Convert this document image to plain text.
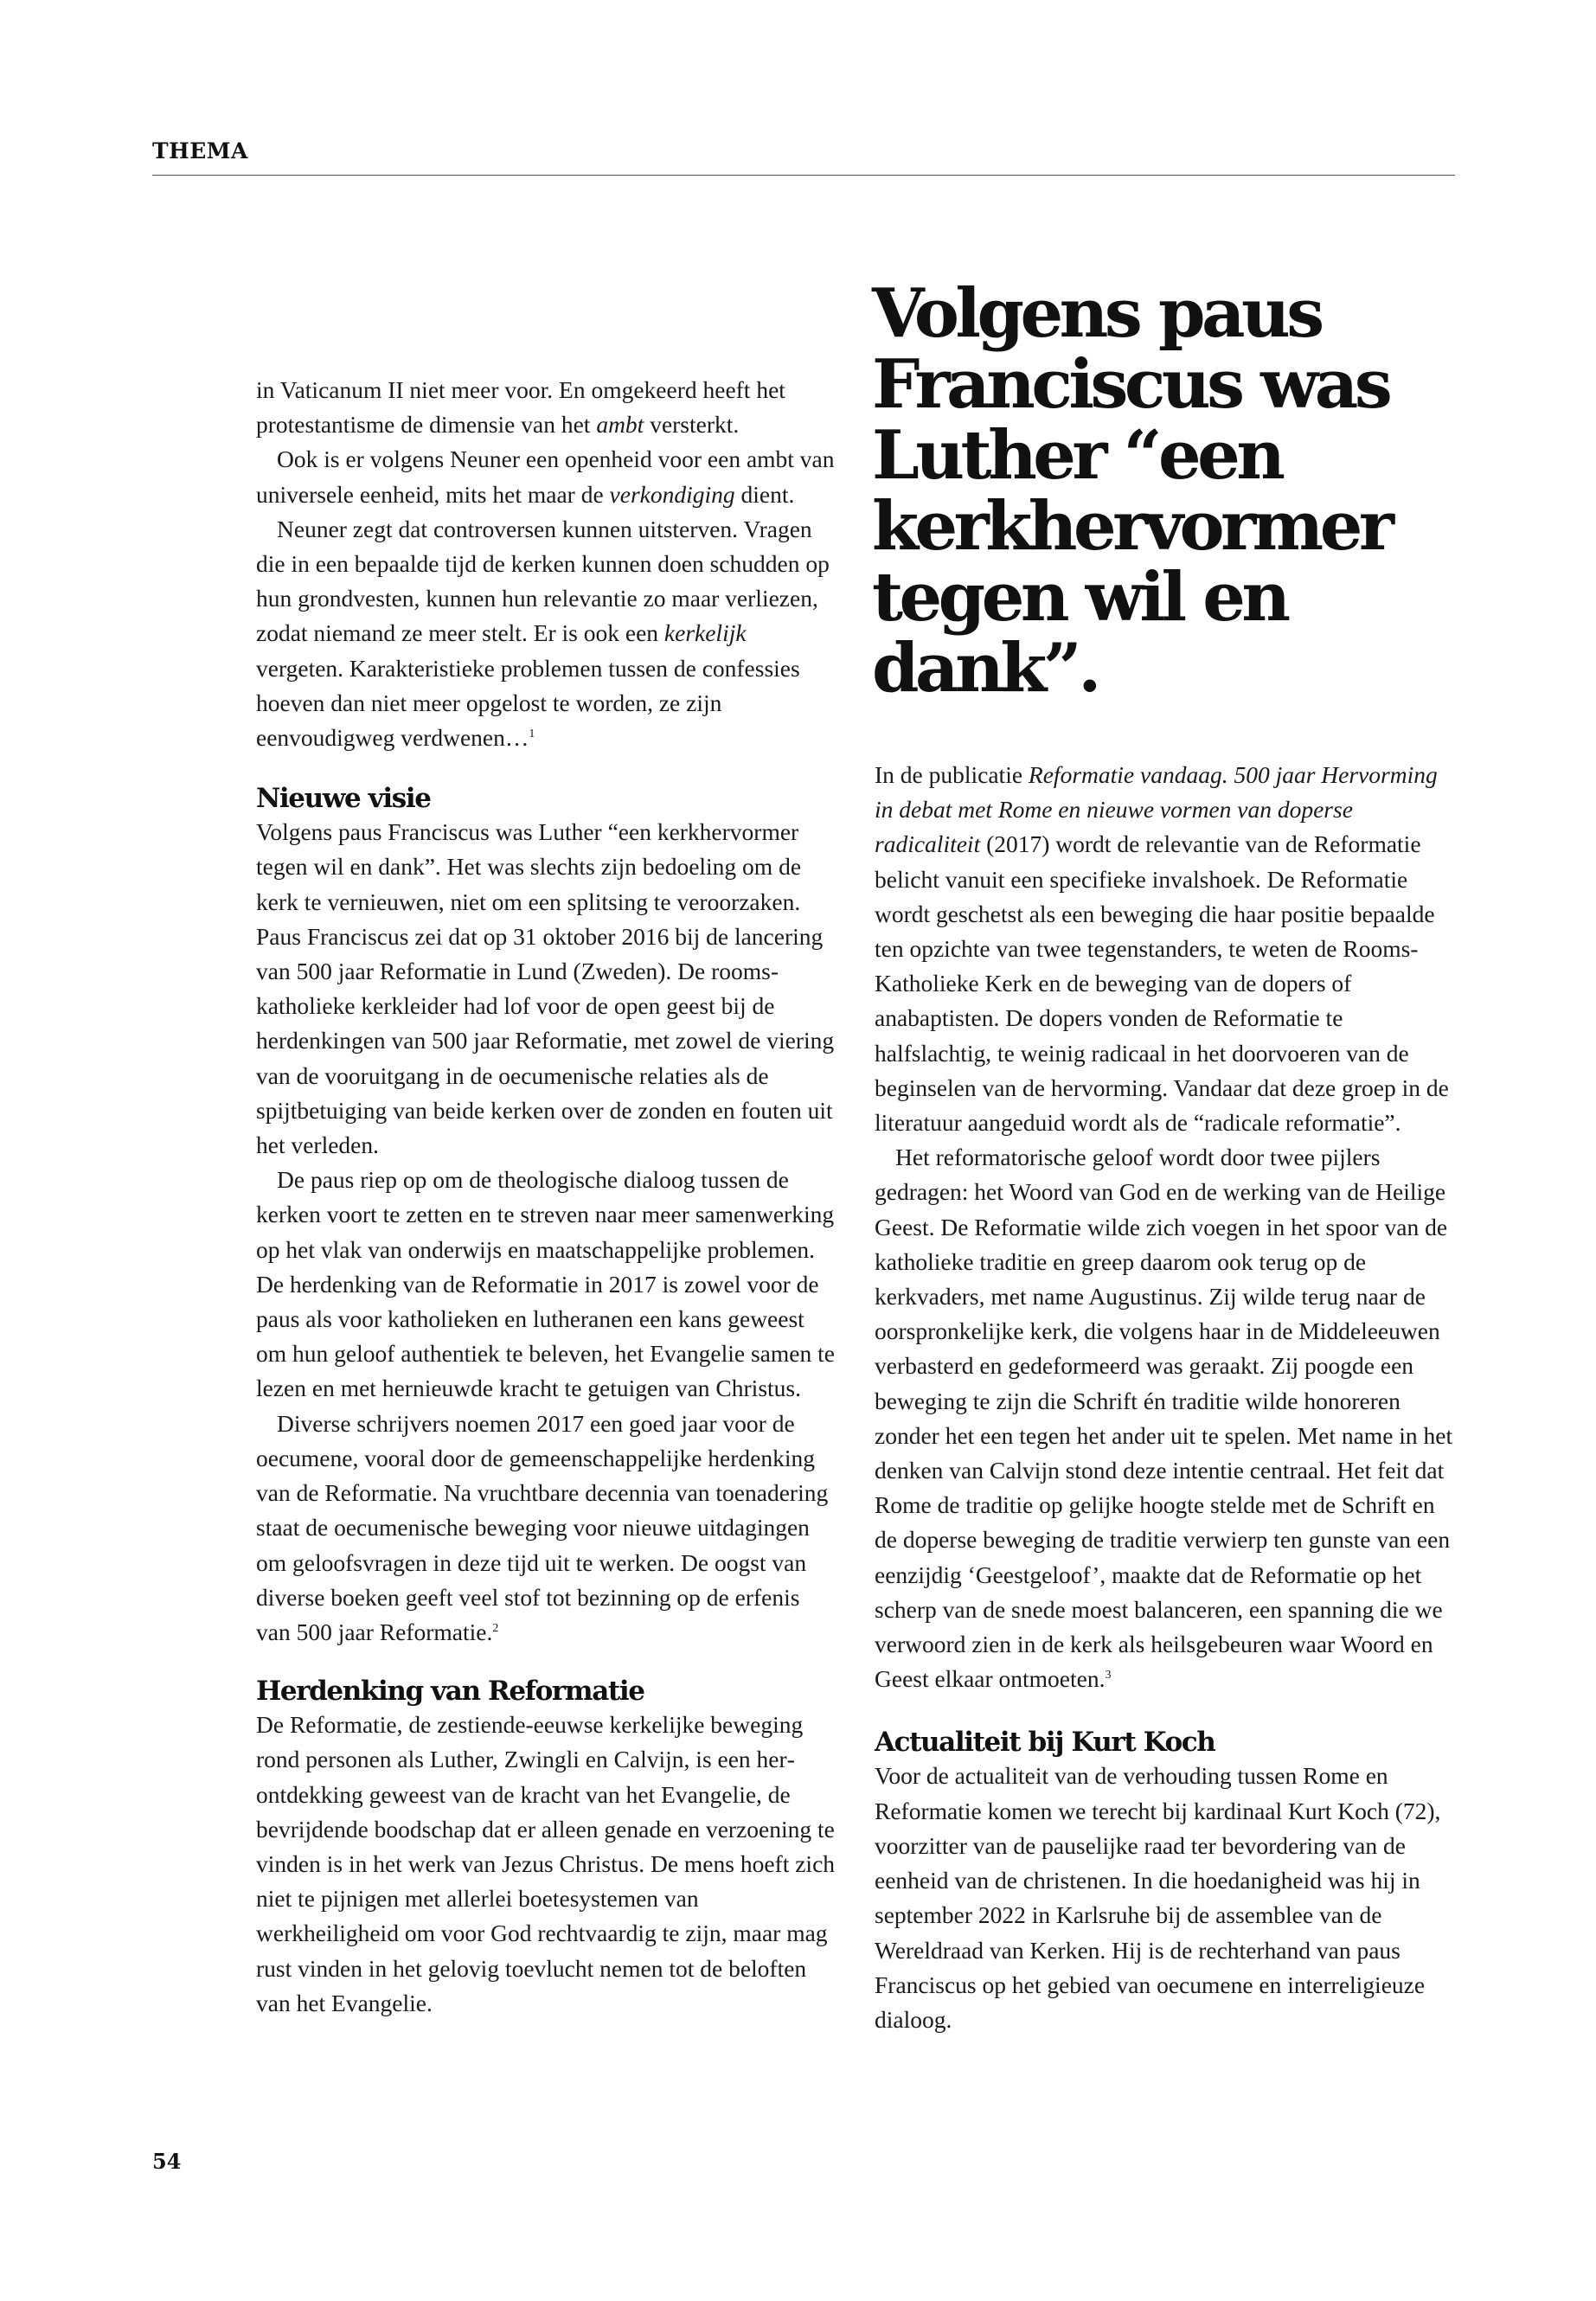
THEMA
Volgens paus Franciscus was Luther “een kerkhervormer tegen wil en dank”.

in Vaticanum II niet meer voor. En omgekeerd heeft het protestantisme de dimensie van het ambt versterkt.

Ook is er volgens Neuner een openheid voor een ambt van universele eenheid, mits het maar de verkondiging dient.

Neuner zegt dat controversen kunnen uitsterven. Vragen die in een bepaalde tijd de kerken kunnen doen schudden op hun grondvesten, kunnen hun relevantie zo maar verliezen, zodat niemand ze meer stelt. Er is ook een kerkelijk vergeten. Karakteristieke problemen tussen de confessies hoeven dan niet meer opgelost te worden, ze zijn eenvoudigweg verdwenen…$^1$

Nieuwe visie

Volgens paus Franciscus was Luther “een kerkhervormer tegen wil en dank”. Het was slechts zijn bedoeling om de kerk te vernieuwen, niet om een splitsing te veroorzaken. Paus Franciscus zei dat op 31 oktober 2016 bij de lancering van 500 jaar Reformatie in Lund (Zweden). De rooms-katholieke kerkleider had lof voor de open geest bij de herdenkingen van 500 jaar Reformatie, met zowel de viering van de vooruitgang in de oecumenische relaties als de spijtbetuiging van beide kerken over de zonden en fouten uit het verleden.

De paus riep op om de theologische dialoog tussen de kerken voort te zetten en te streven naar meer samenwerking op het vlak van onderwijs en maatschappelijke problemen. De herdenking van de Reformatie in 2017 is zowel voor de paus als voor katholieken en lutheranen een kans geweest om hun geloof authentiek te beleven, het Evangelie samen te lezen en met hernieuwde kracht te getuigen van Christus.

Diverse schrijvers noemen 2017 een goed jaar voor de oecumene, vooral door de gemeenschappelijke herdenking van de Reformatie. Na vruchtbare decennia van toenadering staat de oecumenische beweging voor nieuwe uitdagingen om geloofsvragen in deze tijd uit te werken. De oogst van diverse boeken geeft veel stof tot bezinning op de erfenis van 500 jaar Reformatie.$^2$

Herdenking van Reformatie

De Reformatie, de zestiende-eeuwse kerkelijke beweging rond personen als Luther, Zwingli en Calvijn, is een herontdekking geweest van de kracht van het Evangelie, de bevrijdende boodschap dat er alleen genade en verzoening te vinden is in het werk van Jezus Christus. De mens hoeft zich niet te pijnigen met allerlei boetesystemen van werkheiligheid om voor God rechtvaardig te zijn, maar mag rust vinden in het gelovig toevlucht nemen tot de beloften van het Evangelie.

In de publicatie Reformatie vandaag. 500 jaar Hervorming in debat met Rome en nieuwe vormen van doperse radicaliteit (2017) wordt de relevantie van de Reformatie belicht vanuit een specifieke invalshoek. De Reformatie wordt geschetst als een beweging die haar positie bepaalde ten opzichte van twee tegenstanders, te weten de Rooms-Katholieke Kerk en de beweging van de dopers of anabaptisten. De dopers vonden de Reformatie te halfslachtig, te weinig radicaal in het doorvoeren van de beginselen van de hervorming. Vandaar dat deze groep in de literatuur aangeduid wordt als de “radicale reformatie”.

Het reformatorische geloof wordt door twee pijlers gedragen: het Woord van God en de werking van de Heilige Geest. De Reformatie wilde zich voegen in het spoor van de katholieke traditie en greep daarom ook terug op de kerkvaders, met name Augustinus. Zij wilde terug naar de oorspronkelijke kerk, die volgens haar in de Middeleeuwen verbasterd en gedeformeerd was geraakt. Zij poogde een beweging te zijn die Schrift én traditie wilde honoreren zonder het een tegen het ander uit te spelen. Met name in het denken van Calvijn stond deze intentie centraal. Het feit dat Rome de traditie op gelijke hoogte stelde met de Schrift en de doperse beweging de traditie verwierp ten gunste van een eenzijdig ‘Geestgeloof’, maakte dat de Reformatie op het scherp van de snede moest balanceren, een spanning die we verwoord zien in de kerk als heilsgebeuren waar Woord en Geest elkaar ontmoeten.$^3$

Actualiteit bij Kurt Koch

Voor de actualiteit van de verhouding tussen Rome en Reformatie komen we terecht bij kardinaal Kurt Koch (72), voorzitter van de pauselijke raad ter bevordering van de eenheid van de christenen. In die hoedanigheid was hij in september 2022 in Karlsruhe bij de assemblee van de Wereldraad van Kerken. Hij is de rechterhand van paus Franciscus op het gebied van oecumene en interreligieuze dialoog.

54
